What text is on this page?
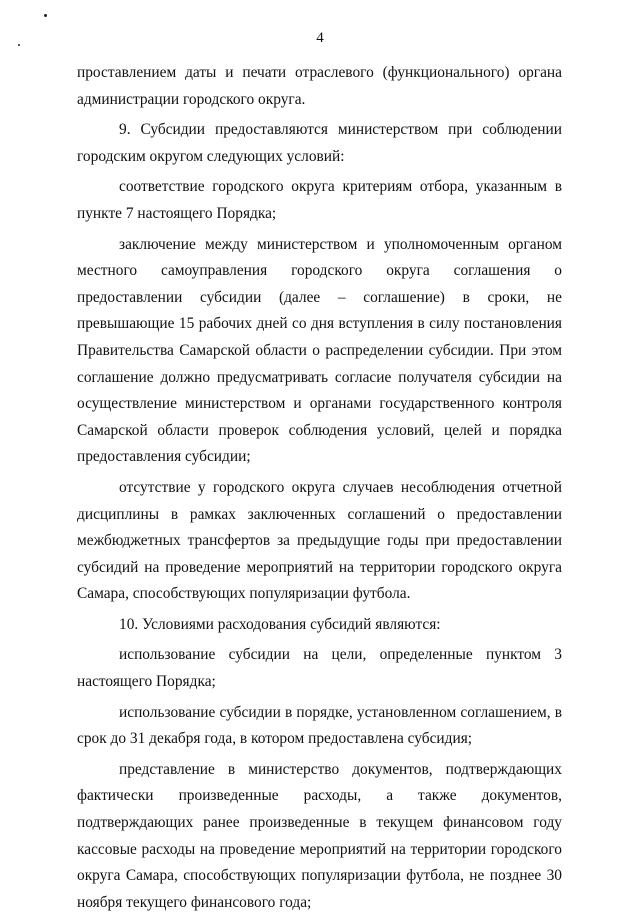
4

проставлением даты и печати отраслевого (функционального) органа администрации городского округа.

9. Субсидии предоставляются министерством при соблюдении городским округом следующих условий:

соответствие городского округа критериям отбора, указанным в пункте 7 настоящего Порядка;

заключение между министерством и уполномоченным органом местного самоуправления городского округа соглашения о предоставлении субсидии (далее – соглашение) в сроки, не превышающие 15 рабочих дней со дня вступления в силу постановления Правительства Самарской области о распределении субсидии. При этом соглашение должно предусматривать согласие получателя субсидии на осуществление министерством и органами государственного контроля Самарской области проверок соблюдения условий, целей и порядка предоставления субсидии;

отсутствие у городского округа случаев несоблюдения отчетной дисциплины в рамках заключенных соглашений о предоставлении межбюджетных трансфертов за предыдущие годы при предоставлении субсидий на проведение мероприятий на территории городского округа Самара, способствующих популяризации футбола.

10. Условиями расходования субсидий являются:

использование субсидии на цели, определенные пунктом 3 настоящего Порядка;

использование субсидии в порядке, установленном соглашением, в срок до 31 декабря года, в котором предоставлена субсидия;

представление в министерство документов, подтверждающих фактически произведенные расходы, а также документов, подтверждающих ранее произведенные в текущем финансовом году кассовые расходы на проведение мероприятий на территории городского округа Самара, способствующих популяризации футбола, не позднее 30 ноября текущего финансового года;
